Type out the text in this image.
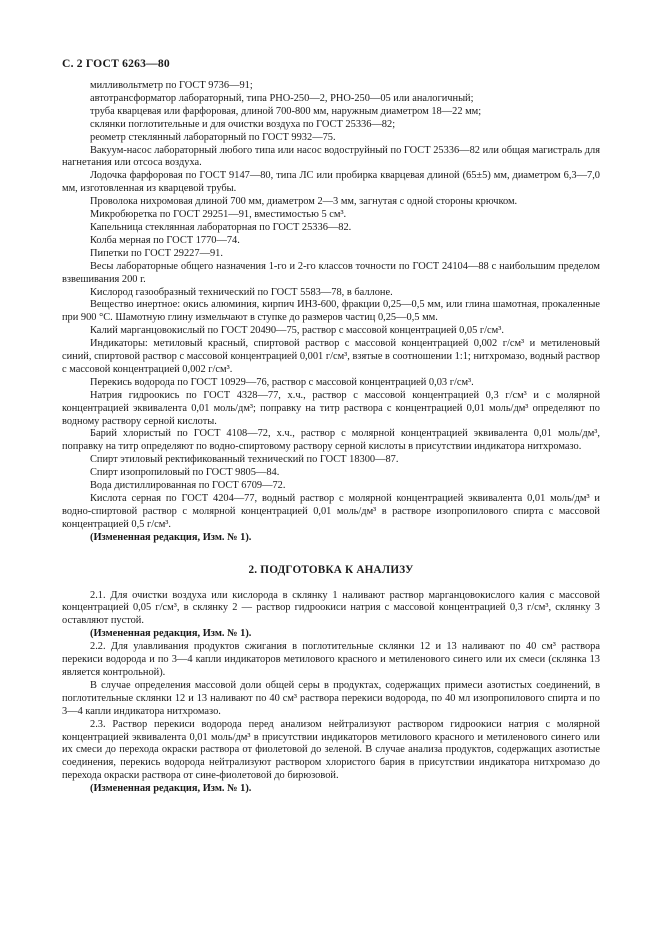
С. 2 ГОСТ 6263—80

милливольтметр по ГОСТ 9736—91;

автотрансформатор лабораторный, типа РНО-250—2, РНО-250—05 или аналогичный;

труба кварцевая или фарфоровая, длиной 700-800 мм, наружным диаметром 18—22 мм;

склянки поглотительные и для очистки воздуха по ГОСТ 25336—82;

реометр стеклянный лабораторный по ГОСТ 9932—75.

Вакуум-насос лабораторный любого типа или насос водоструйный по ГОСТ 25336—82 или общая магистраль для нагнетания или отсоса воздуха.

Лодочка фарфоровая по ГОСТ 9147—80, типа ЛС или пробирка кварцевая длиной (65±5) мм, диаметром 6,3—7,0 мм, изготовленная из кварцевой трубы.

Проволока нихромовая длиной 700 мм, диаметром 2—3 мм, загнутая с одной стороны крючком.

Микробюретка по ГОСТ 29251—91, вместимостью 5 см³.

Капельница стеклянная лабораторная по ГОСТ 25336—82.

Колба мерная по ГОСТ 1770—74.

Пипетки по ГОСТ 29227—91.

Весы лабораторные общего назначения 1-го и 2-го классов точности по ГОСТ 24104—88 с наибольшим пределом взвешивания 200 г.

Кислород газообразный технический по ГОСТ 5583—78, в баллоне.

Вещество инертное: окись алюминия, кирпич ИНЗ-600, фракции 0,25—0,5 мм, или глина шамотная, прокаленные при 900 °С. Шамотную глину измельчают в ступке до размеров частиц 0,25—0,5 мм.

Калий марганцовокислый по ГОСТ 20490—75, раствор с массовой концентрацией 0,05 г/см³.

Индикаторы: метиловый красный, спиртовой раствор с массовой концентрацией 0,002 г/см³ и метиленовый синий, спиртовой раствор с массовой концентрацией 0,001 г/см³, взятые в соотношении 1:1; нитхромазо, водный раствор с массовой концентрацией 0,002 г/см³.

Перекись водорода по ГОСТ 10929—76, раствор с массовой концентрацией 0,03 г/см³.

Натрия гидроокись по ГОСТ 4328—77, х.ч., раствор с массовой концентрацией 0,3 г/см³ и с молярной концентрацией эквивалента 0,01 моль/дм³; поправку на титр раствора с концентрацией 0,01 моль/дм³ определяют по водному раствору серной кислоты.

Барий хлористый по ГОСТ 4108—72, х.ч., раствор с молярной концентрацией эквивалента 0,01 моль/дм³, поправку на титр определяют по водно-спиртовому раствору серной кислоты в присутствии индикатора нитхромазо.

Спирт этиловый ректификованный технический по ГОСТ 18300—87.

Спирт изопропиловый по ГОСТ 9805—84.

Вода дистиллированная по ГОСТ 6709—72.

Кислота серная по ГОСТ 4204—77, водный раствор с молярной концентрацией эквивалента 0,01 моль/дм³ и водно-спиртовой раствор с молярной концентрацией 0,01 моль/дм³ в растворе изопропилового спирта с массовой концентрацией 0,5 г/см³.

(Измененная редакция, Изм. № 1).

2. ПОДГОТОВКА К АНАЛИЗУ

2.1. Для очистки воздуха или кислорода в склянку 1 наливают раствор марганцовокислого калия с массовой концентрацией 0,05 г/см³, в склянку 2 — раствор гидроокиси натрия с массовой концентрацией 0,3 г/см³, склянку 3 оставляют пустой.

(Измененная редакция, Изм. № 1).

2.2. Для улавливания продуктов сжигания в поглотительные склянки 12 и 13 наливают по 40 см³ раствора перекиси водорода и по 3—4 капли индикаторов метилового красного и метиленового синего или их смеси (склянка 13 является контрольной).

В случае определения массовой доли общей серы в продуктах, содержащих примеси азотистых соединений, в поглотительные склянки 12 и 13 наливают по 40 см³ раствора перекиси водорода, по 40 мл изопропилового спирта и по 3—4 капли индикатора нитхромазо.

2.3. Раствор перекиси водорода перед анализом нейтрализуют раствором гидроокиси натрия с молярной концентрацией эквивалента 0,01 моль/дм³ в присутствии индикаторов метилового красного и метиленового синего или их смеси до перехода окраски раствора от фиолетовой до зеленой. В случае анализа продуктов, содержащих азотистые соединения, перекись водорода нейтрализуют раствором хлористого бария в присутствии индикатора нитхромазо до перехода окраски раствора от сине-фиолетовой до бирюзовой.

(Измененная редакция, Изм. № 1).
